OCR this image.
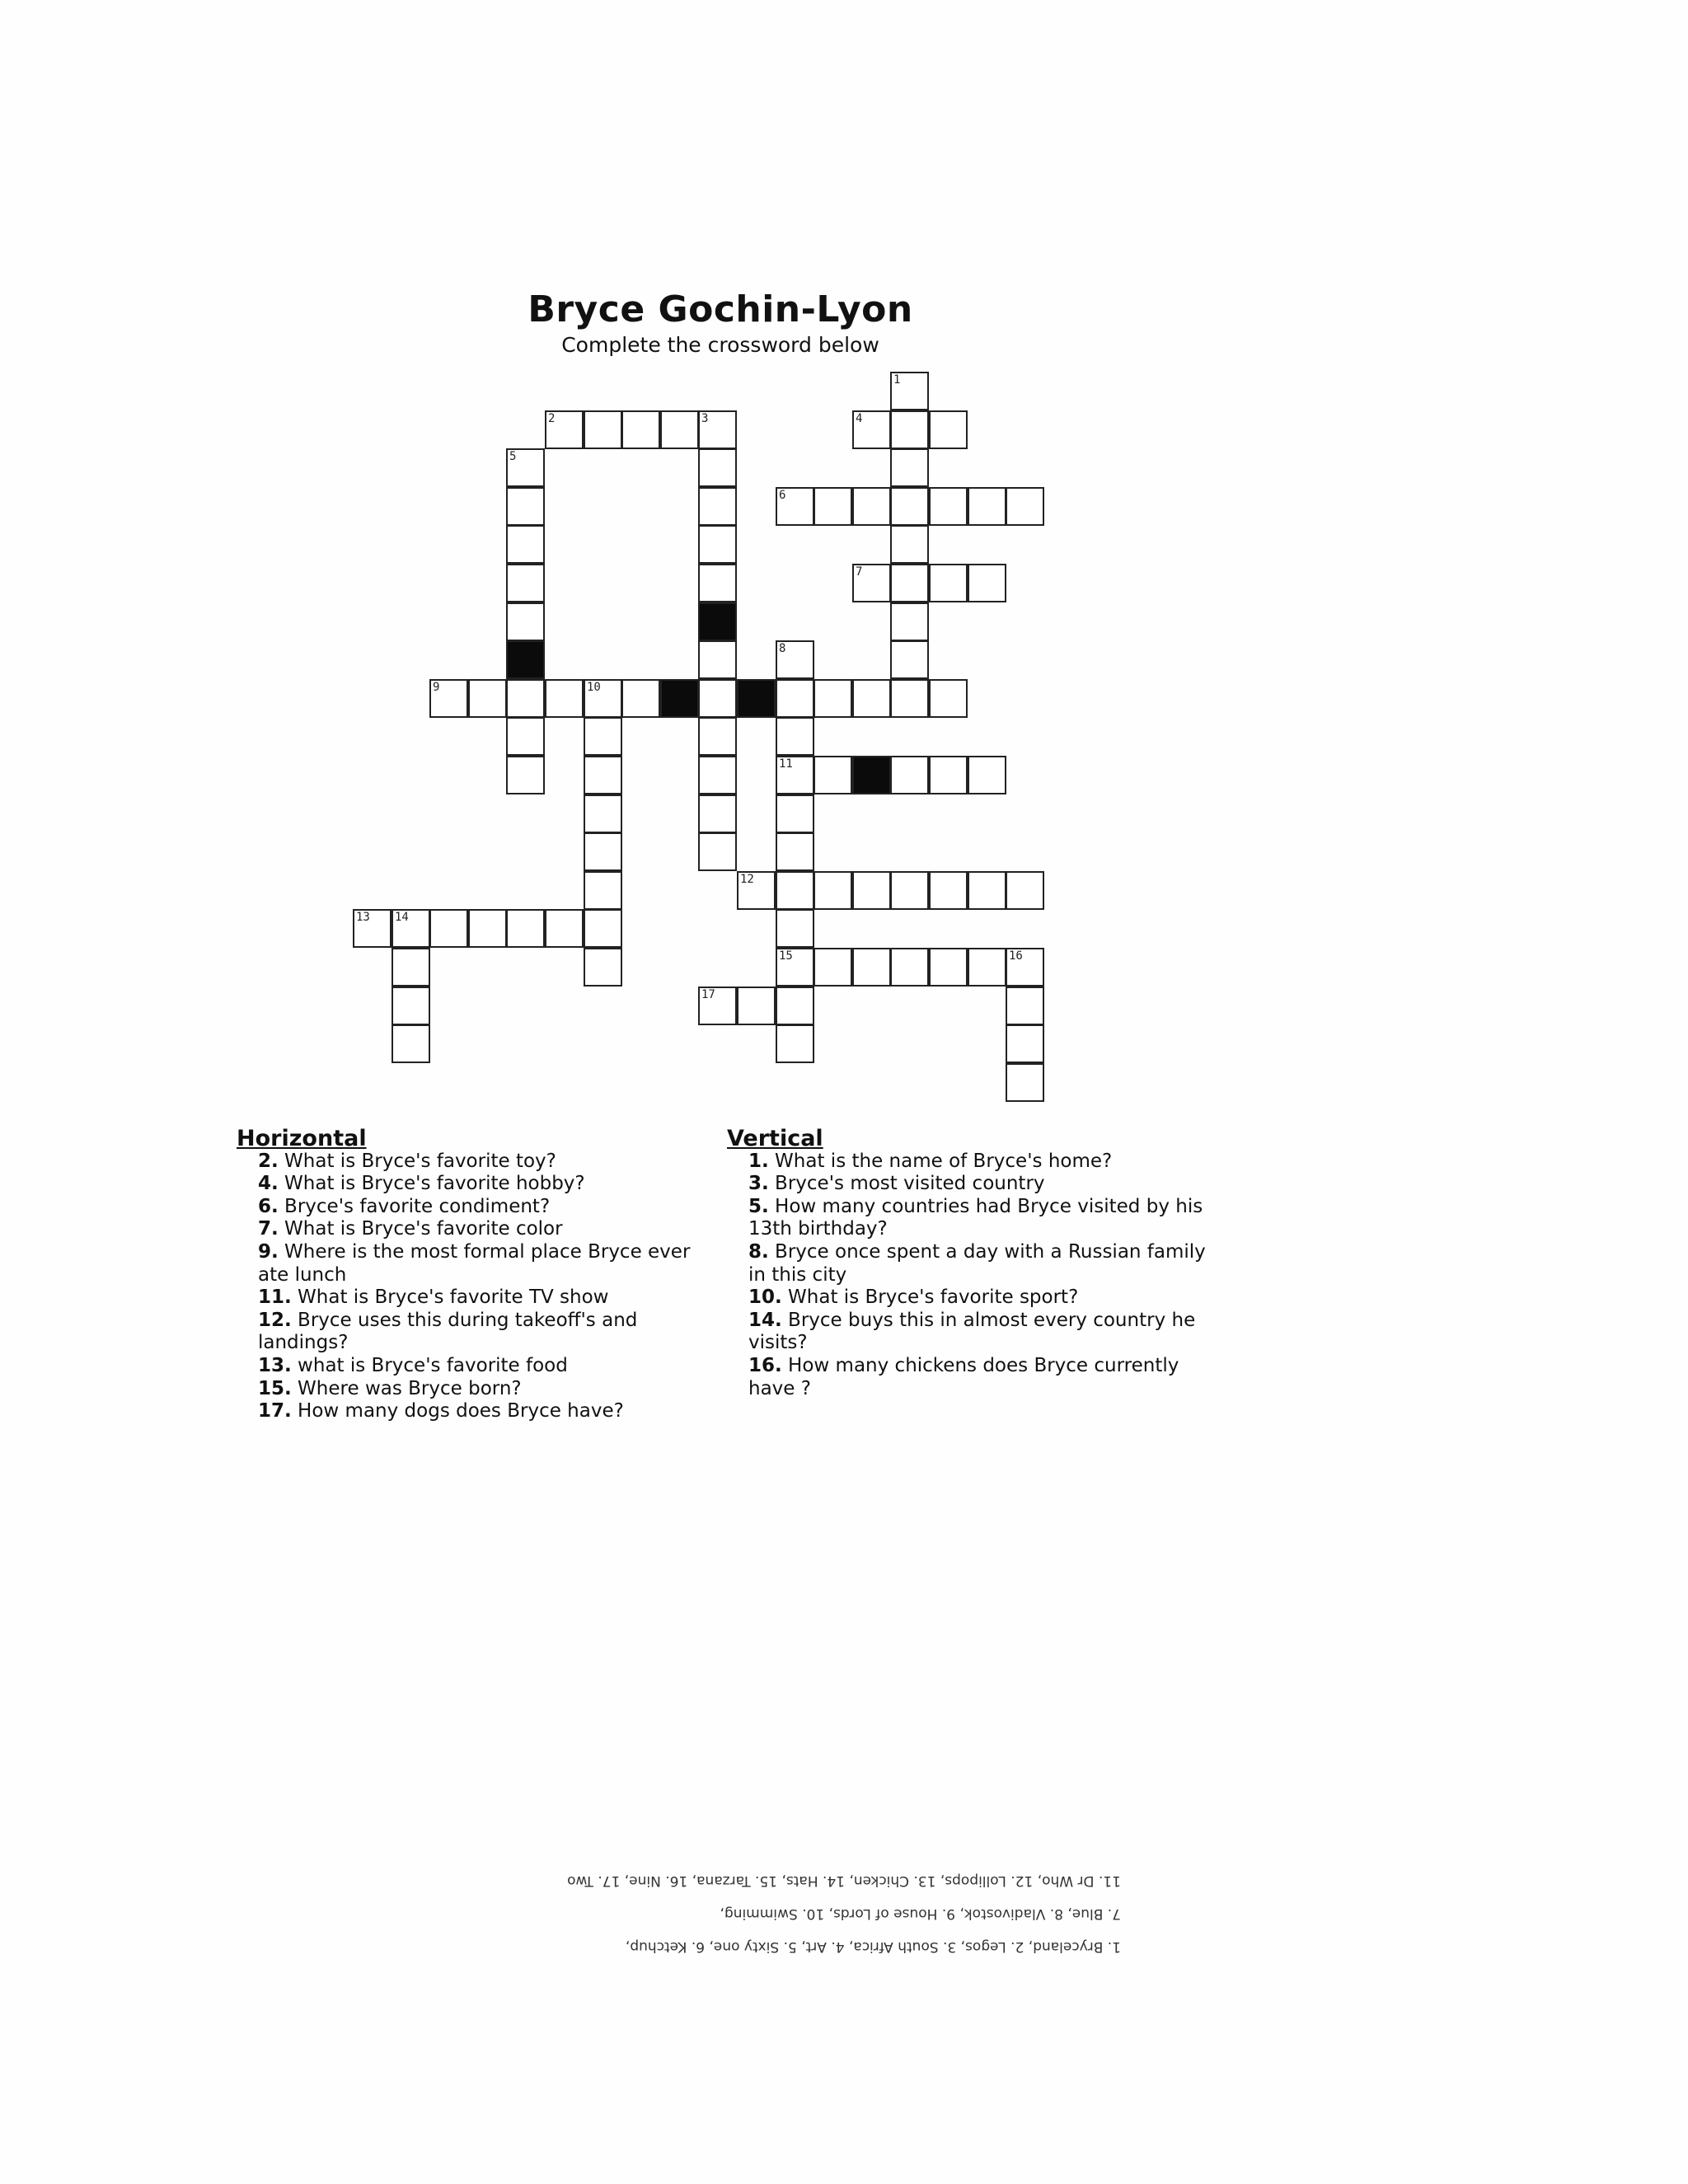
Bryce Gochin-Lyon
Complete the crossword below
2	3	4
6
7
9	10
11
12
13 14
15	16
17
1
5
8
Horizontal
2. What is Bryce's favorite toy?
4. What is Bryce's favorite hobby?
6. Bryce's favorite condiment?
7. What is Bryce's favorite color
9. Where is the most formal place Bryce ever ate lunch
11. What is Bryce's favorite TV show
12. Bryce uses this during takeoff's and landings?
13. what is Bryce's favorite food
15. Where was Bryce born?
17. How many dogs does Bryce have?
Vertical
1. What is the name of Bryce's home?
3. Bryce's most visited country
5. How many countries had Bryce visited by his 13th birthday?
8. Bryce once spent a day with a Russian family in this city
10. What is Bryce's favorite sport?
14. Bryce buys this in almost every country he visits?
16. How many chickens does Bryce currently have ?
11. Dr Who, 12. Lollipops, 13. Chicken, 14. Hats, 15. Tarzana, 16. Nine, 17. Two
7. Blue, 8. Vladivostok, 9. House of Lords, 10. Swimming,
1. Bryceland, 2. Legos, 3. South Africa, 4. Art, 5. Sixty one, 6. Ketchup,
